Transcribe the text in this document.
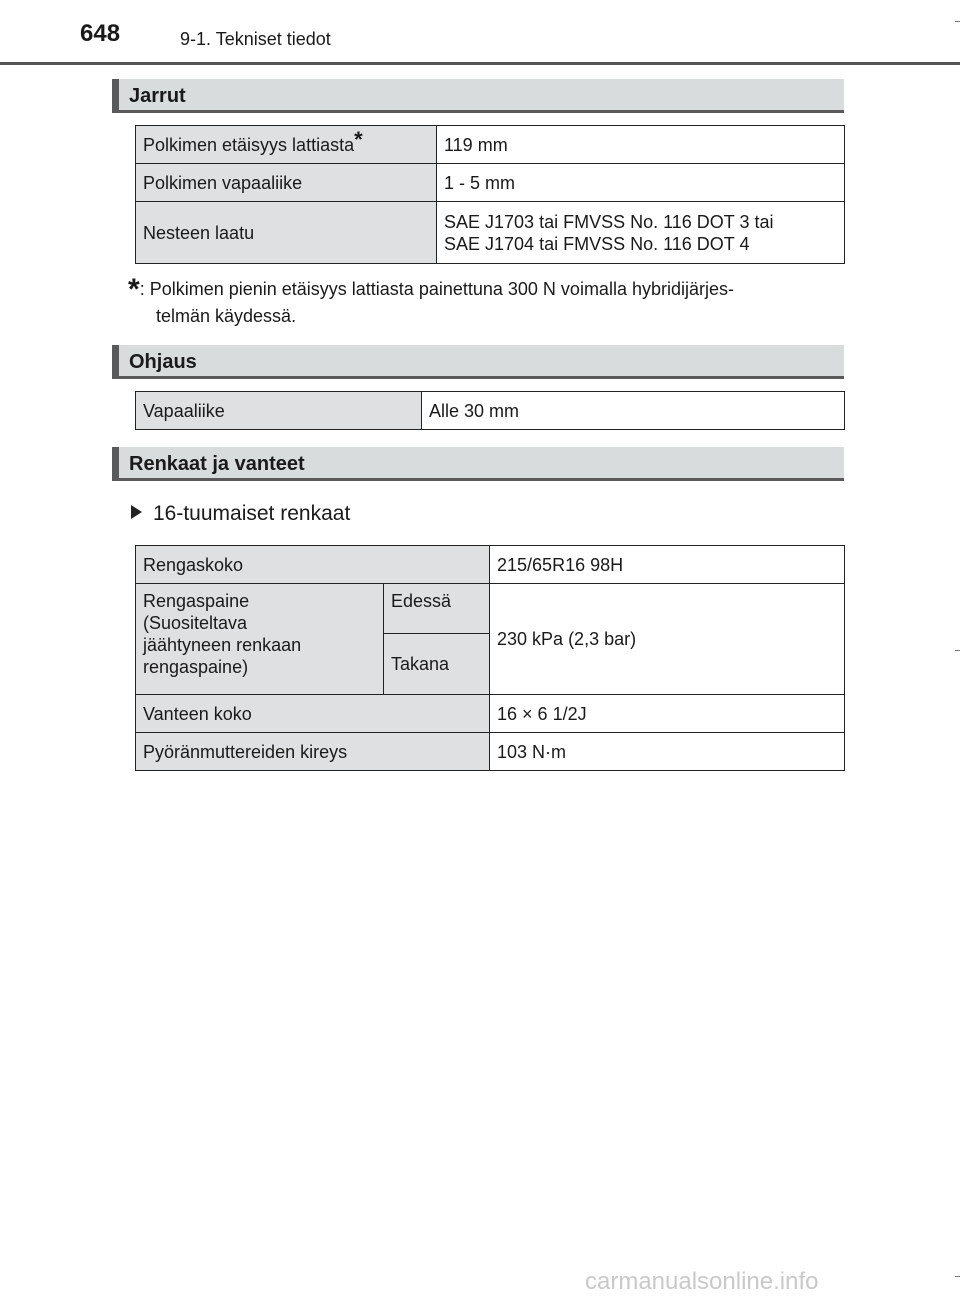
648	9-1. Tekniset tiedot
Jarrut
Polkimen etäisyys lattiasta*	119 mm
Polkimen vapaaliike	1 - 5 mm
Nesteen laatu	SAE J1703 tai FMVSS No. 116 DOT 3 tai
SAE J1704 tai FMVSS No. 116 DOT 4
*: Polkimen pienin etäisyys lattiasta painettuna 300 N voimalla hybridijärjes-
telmän käydessä.
Ohjaus
Vapaaliike	Alle 30 mm
Renkaat ja vanteet
16-tuumaiset renkaat
Rengaskoko		215/65R16 98H

Rengaspaine
(Suositeltava
jäähtyneen renkaan
rengaspaine)	Edessä	230 kPa (2,3 bar)
	Takana	
Vanteen koko		16 × 6 1/2J
Pyöränmuttereiden kireys		103 N·m
carmanualsonline.info
